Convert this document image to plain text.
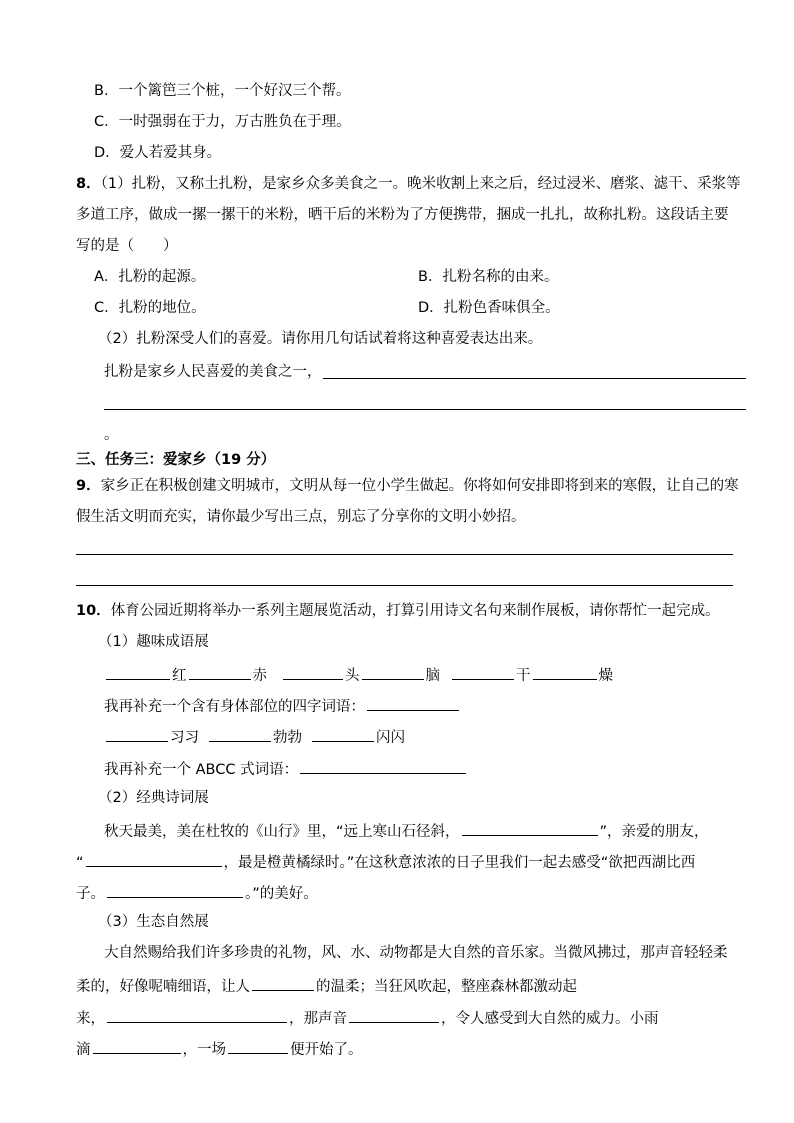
B．一个篱笆三个桩，一个好汉三个帮。
C．一时强弱在于力，万古胜负在于理。
D．爱人若爱其身。
8．（1）扎粉，又称土扎粉，是家乡众多美食之一。晚米收割上来之后，经过浸米、磨浆、滤干、采浆等
多道工序，做成一摞一摞干的米粉，晒干后的米粉为了方便携带，捆成一扎扎，故称扎粉。这段话主要
写的是（　　）
A．扎粉的起源。	B．扎粉名称的由来。
C．扎粉的地位。	D．扎粉色香味俱全。
（2）扎粉深受人们的喜爱。请你用几句话试着将这种喜爱表达出来。
扎粉是家乡人民喜爱的美食之一，
。
三、任务三：爱家乡（19 分）
9．家乡正在积极创建文明城市，文明从每一位小学生做起。你将如何安排即将到来的寒假，让自己的寒
假生活文明而充实，请你最少写出三点，别忘了分享你的文明小妙招。
10．体育公园近期将举办一系列主题展览活动，打算引用诗文名句来制作展板，请你帮忙一起完成。
（1）趣味成语展
红	赤	头	脑	干	燥
我再补充一个含有身体部位的四字词语：
习习	勃勃	闪闪
我再补充一个 ABCC 式词语：
（2）经典诗词展
秋天最美，美在杜牧的《山行》里，“远上寒山石径斜，	”，亲爱的朋友，
“	，最是橙黄橘绿时。”在这秋意浓浓的日子里我们一起去感受“欲把西湖比西
子。	。”的美好。
（3）生态自然展
大自然赐给我们许多珍贵的礼物，风、水、动物都是大自然的音乐家。当微风拂过，那声音轻轻柔
柔的，好像呢喃细语，让人	的温柔；当狂风吹起，整座森林都激动起
来，	，那声音	，令人感受到大自然的威力。小雨
滴	，一场	便开始了。
